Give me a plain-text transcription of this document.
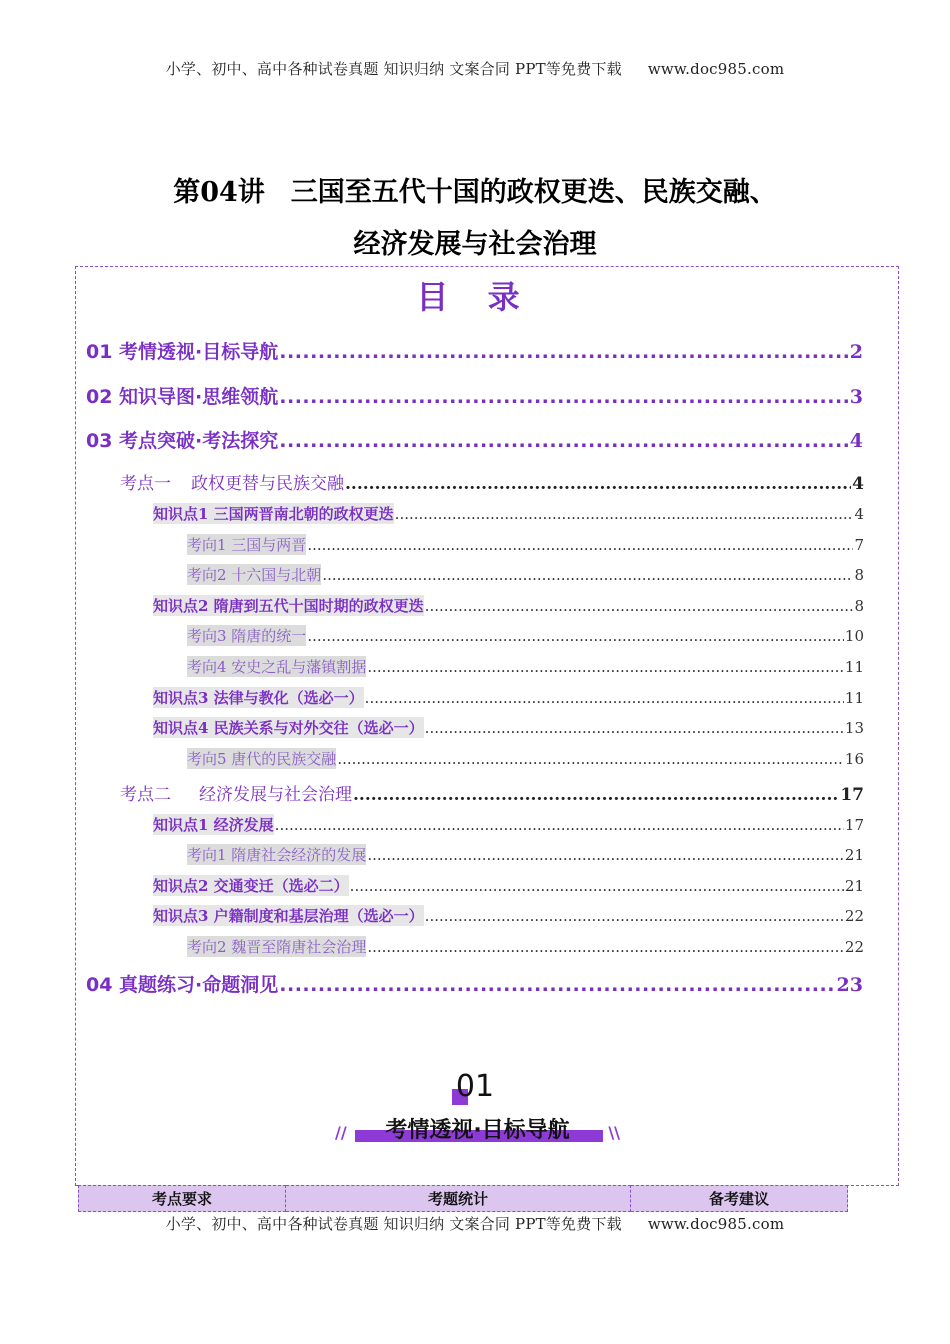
小学、初中、高中各种试卷真题 知识归纳 文案合同 PPT等免费下载 www.doc985.com
第04讲 三国至五代十国的政权更迭、民族交融、
经济发展与社会治理
目 录
01 考情透视·目标导航 .....	2
02 知识导图·思维领航 .....	3
03 考点突破·考法探究 .....	4
考点一 政权更替与民族交融 .....	4
知识点1 三国两晋南北朝的政权更迭 .....	4
考向1 三国与两晋 .....	7
考向2 十六国与北朝 .....	8
知识点2 隋唐到五代十国时期的政权更迭 .....	8
考向3 隋唐的统一 .....	10
考向4 安史之乱与藩镇割据 .....	11
知识点3 法律与教化（选必一） .....	11
知识点4 民族关系与对外交往（选必一） .....	13
考向5 唐代的民族交融 .....	16
考点二 经济发展与社会治理 .....	17
知识点1 经济发展 .....	17
考向1 隋唐社会经济的发展 .....	21
知识点2 交通变迁（选必二） .....	21
知识点3 户籍制度和基层治理（选必一） .....	22
考向2 魏晋至隋唐社会治理 .....	22
04 真题练习·命题洞见 .....	23
01
//	考情透视·目标导航	\\
考点要求	考题统计	备考建议
小学、初中、高中各种试卷真题 知识归纳 文案合同 PPT等免费下载 www.doc985.com
